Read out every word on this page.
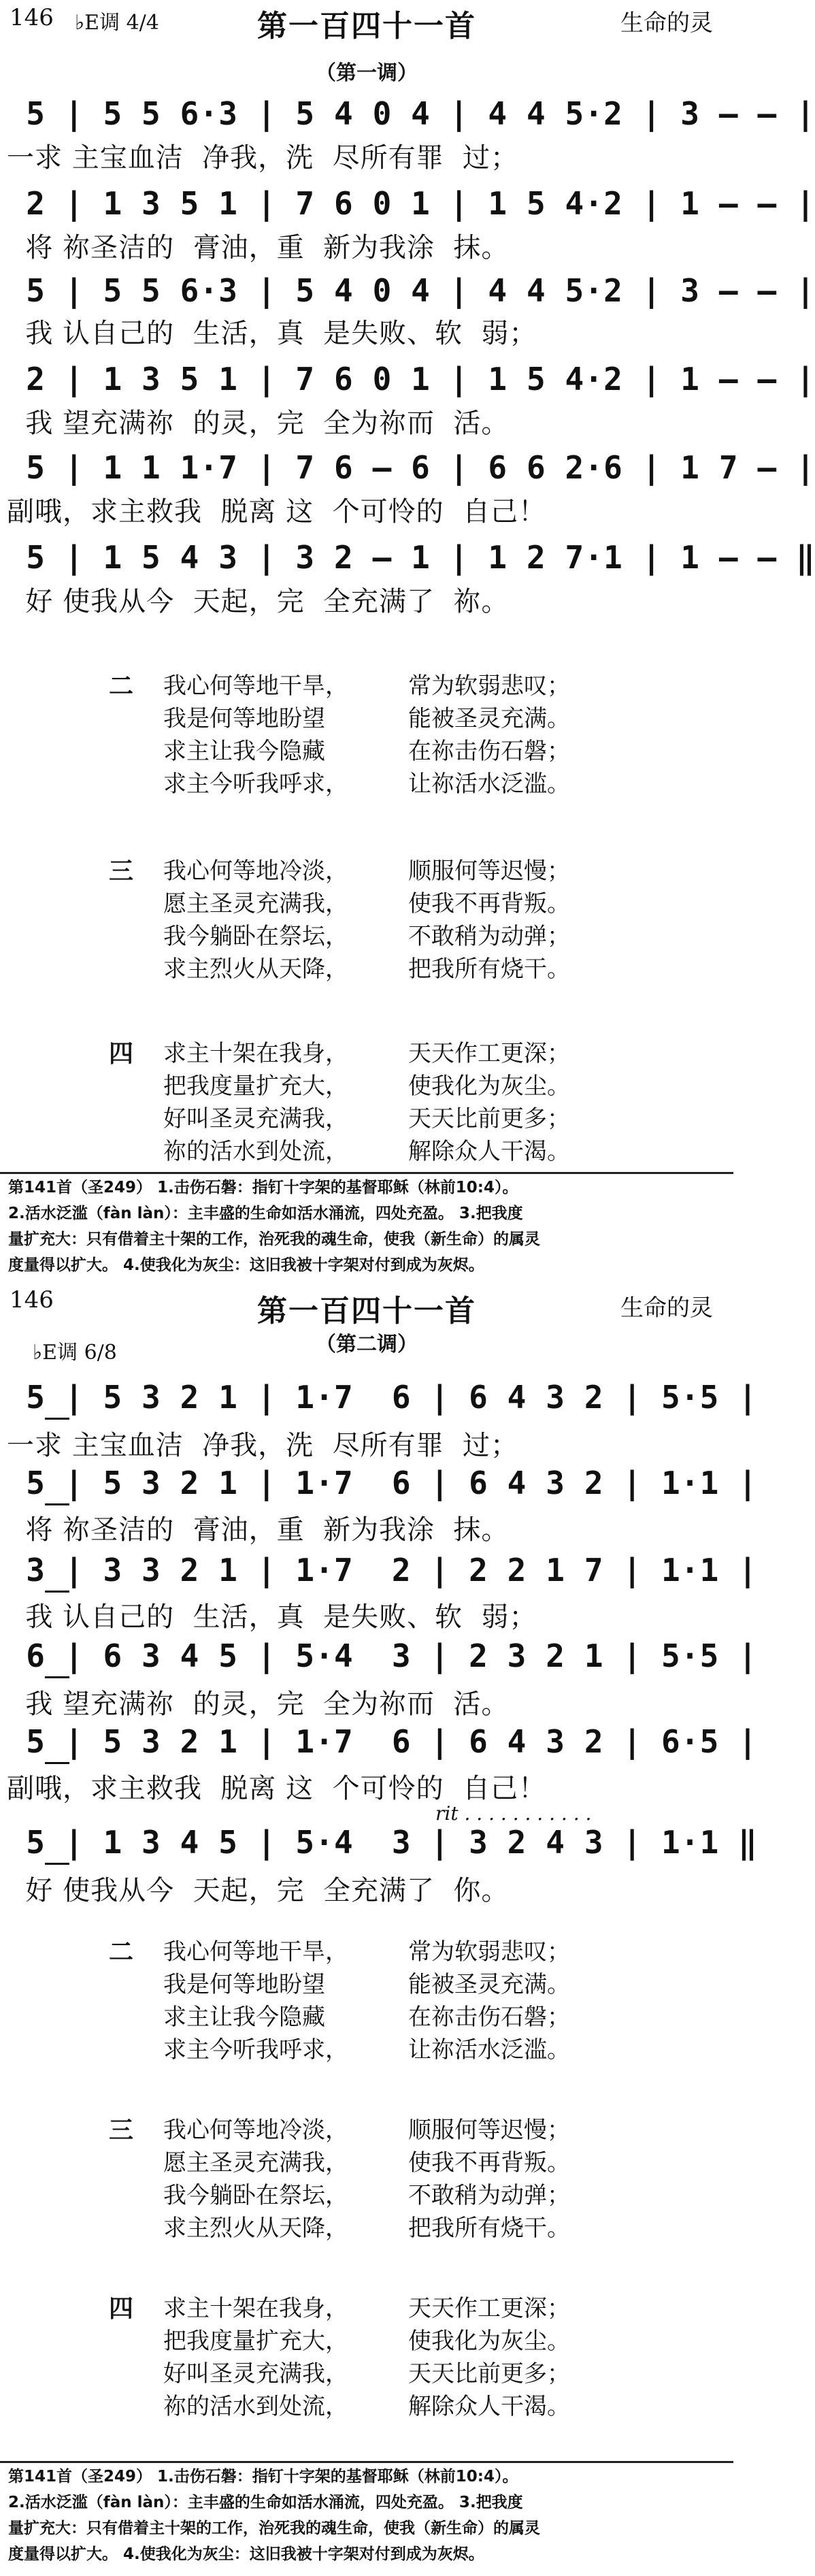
146 ♭E调 4/4	第一百四十一首	生命的灵
（第一调）
5 | 5 5 6·3 | 5 4 0 4 | 4 4 5·2 | 3 – – |
一求 主宝血洁  净我，洗  尽所有罪  过；
2 | 1 3 5 1 | 7 6 0 1 | 1 5 4·2 | 1 – – |
将 祢圣洁的  膏油，重  新为我涂  抹。
5 | 5 5 6·3 | 5 4 0 4 | 4 4 5·2 | 3 – – |
我 认自己的  生活，真  是失败、软  弱；
2 | 1 3 5 1 | 7 6 0 1 | 1 5 4·2 | 1 – – |
我 望充满祢  的灵，完  全为祢而  活。
5 | 1 1 1·7 | 7 6 – 6 | 6 6 2·6 | 1 7 – |
副哦，求主救我  脱离 这  个可怜的  自己！
5 | 1 5 4 3 | 3 2 – 1 | 1 2 7·1 | 1 – – ‖
好 使我从今  天起，完  全充满了  祢。
二 我心何等地干旱，	常为软弱悲叹；
我是何等地盼望	能被圣灵充满。
求主让我今隐藏	在祢击伤石磐；
求主今听我呼求，	让祢活水泛滥。
三 我心何等地冷淡，	顺服何等迟慢；
愿主圣灵充满我，	使我不再背叛。
我今躺卧在祭坛，	不敢稍为动弹；
求主烈火从天降，	把我所有烧干。
四 求主十架在我身，	天天作工更深；
把我度量扩充大，	使我化为灰尘。
好叫圣灵充满我，	天天比前更多；
祢的活水到处流，	解除众人干渴。
第141首（圣249） 1.击伤石磐：指钉十字架的基督耶稣（林前10:4）。
2.活水泛滥（fàn làn）：主丰盛的生命如活水涌流，四处充盈。 3.把我度
量扩充大：只有借着主十架的工作，治死我的魂生命，使我（新生命）的属灵
度量得以扩大。 4.使我化为灰尘：这旧我被十字架对付到成为灰烬。
146	第一百四十一首	生命的灵
♭E调 6/8	（第二调）
5 | 5 3 2 1 | 1·7  6 | 6 4 3 2 | 5·5 |
一求 主宝血洁  净我，洗  尽所有罪  过；
5 | 5 3 2 1 | 1·7  6 | 6 4 3 2 | 1·1 |
将 祢圣洁的  膏油，重  新为我涂  抹。
3 | 3 3 2 1 | 1·7  2 | 2 2 1 7 | 1·1 |
我 认自己的  生活，真  是失败、软  弱；
6 | 6 3 4 5 | 5·4  3 | 2 3 2 1 | 5·5 |
我 望充满祢  的灵，完  全为祢而  活。
5 | 5 3 2 1 | 1·7  6 | 6 4 3 2 | 6·5 |
副哦，求主救我  脱离 这  个可怜的  自己！
rit . . . . . . . . . . .
5 | 1 3 4 5 | 5·4  3 | 3 2 4 3 | 1·1 ‖
好 使我从今  天起，完  全充满了  你。
二 我心何等地干旱，	常为软弱悲叹；
我是何等地盼望	能被圣灵充满。
求主让我今隐藏	在祢击伤石磐；
求主今听我呼求，	让祢活水泛滥。
三 我心何等地冷淡，	顺服何等迟慢；
愿主圣灵充满我，	使我不再背叛。
我今躺卧在祭坛，	不敢稍为动弹；
求主烈火从天降，	把我所有烧干。
四 求主十架在我身，	天天作工更深；
把我度量扩充大，	使我化为灰尘。
好叫圣灵充满我，	天天比前更多；
祢的活水到处流，	解除众人干渴。
第141首（圣249） 1.击伤石磐：指钉十字架的基督耶稣（林前10:4）。
2.活水泛滥（fàn làn）：主丰盛的生命如活水涌流，四处充盈。 3.把我度
量扩充大：只有借着主十架的工作，治死我的魂生命，使我（新生命）的属灵
度量得以扩大。 4.使我化为灰尘：这旧我被十字架对付到成为灰烬。
